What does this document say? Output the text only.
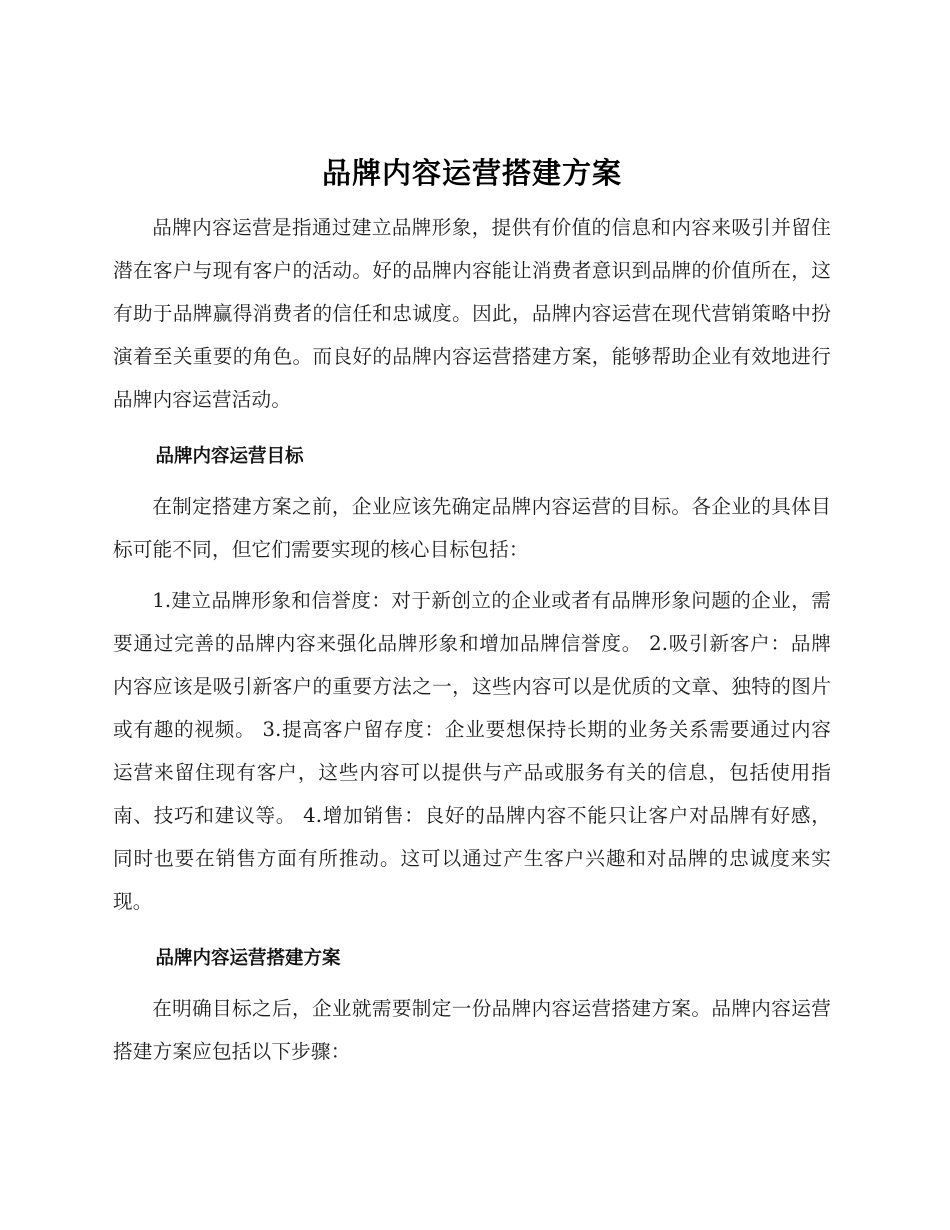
品牌内容运营搭建方案

品牌内容运营是指通过建立品牌形象，提供有价值的信息和内容来吸引并留住潜在客户与现有客户的活动。好的品牌内容能让消费者意识到品牌的价值所在，这有助于品牌赢得消费者的信任和忠诚度。因此，品牌内容运营在现代营销策略中扮演着至关重要的角色。而良好的品牌内容运营搭建方案，能够帮助企业有效地进行品牌内容运营活动。

品牌内容运营目标

在制定搭建方案之前，企业应该先确定品牌内容运营的目标。各企业的具体目标可能不同，但它们需要实现的核心目标包括：

1.建立品牌形象和信誉度：对于新创立的企业或者有品牌形象问题的企业，需要通过完善的品牌内容来强化品牌形象和增加品牌信誉度。 2.吸引新客户：品牌内容应该是吸引新客户的重要方法之一，这些内容可以是优质的文章、独特的图片或有趣的视频。 3.提高客户留存度：企业要想保持长期的业务关系需要通过内容运营来留住现有客户，这些内容可以提供与产品或服务有关的信息，包括使用指南、技巧和建议等。 4.增加销售：良好的品牌内容不能只让客户对品牌有好感，同时也要在销售方面有所推动。这可以通过产生客户兴趣和对品牌的忠诚度来实现。

品牌内容运营搭建方案

在明确目标之后，企业就需要制定一份品牌内容运营搭建方案。品牌内容运营搭建方案应包括以下步骤：
